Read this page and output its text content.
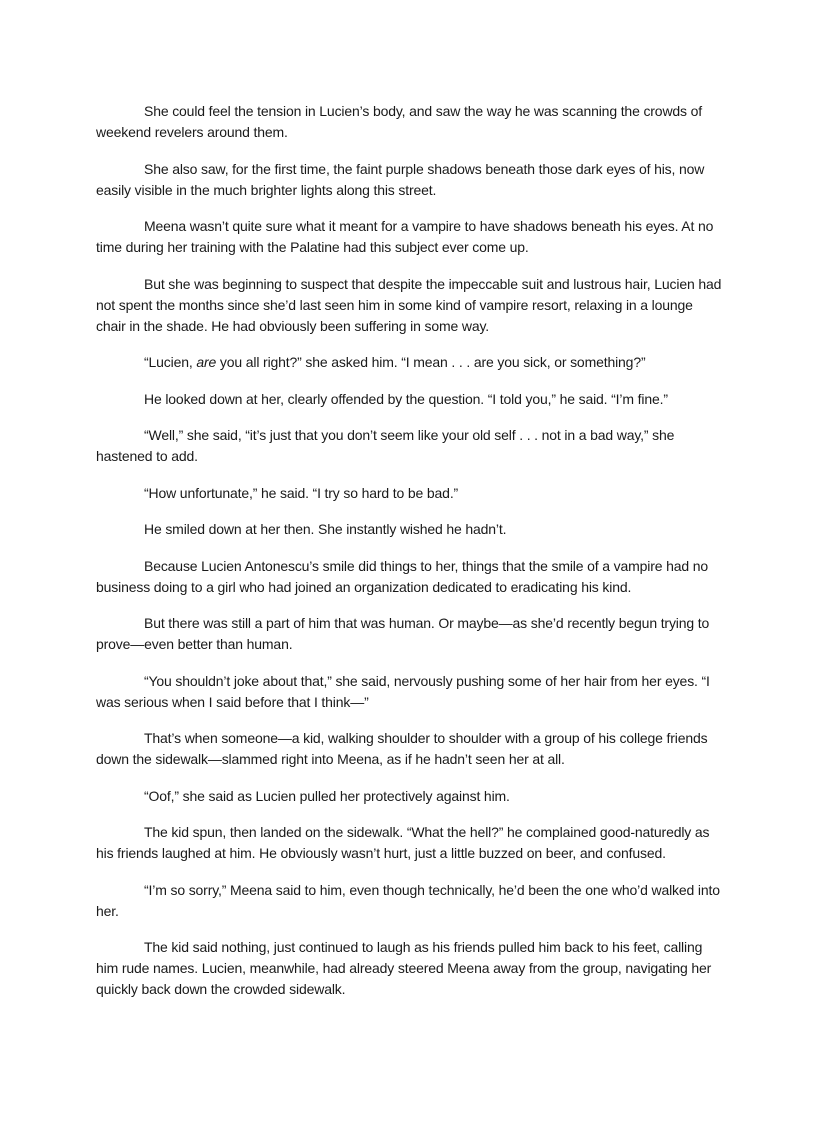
She could feel the tension in Lucien’s body, and saw the way he was scanning the crowds of weekend revelers around them.

She also saw, for the first time, the faint purple shadows beneath those dark eyes of his, now easily visible in the much brighter lights along this street.

Meena wasn’t quite sure what it meant for a vampire to have shadows beneath his eyes. At no time during her training with the Palatine had this subject ever come up.

But she was beginning to suspect that despite the impeccable suit and lustrous hair, Lucien had not spent the months since she’d last seen him in some kind of vampire resort, relaxing in a lounge chair in the shade. He had obviously been suffering in some way.

“Lucien, are you all right?” she asked him. “I mean . . . are you sick, or something?”

He looked down at her, clearly offended by the question. “I told you,” he said. “I’m fine.”

“Well,” she said, “it’s just that you don’t seem like your old self . . . not in a bad way,” she hastened to add.

“How unfortunate,” he said. “I try so hard to be bad.”

He smiled down at her then. She instantly wished he hadn’t.

Because Lucien Antonescu’s smile did things to her, things that the smile of a vampire had no business doing to a girl who had joined an organization dedicated to eradicating his kind.

But there was still a part of him that was human. Or maybe—as she’d recently begun trying to prove—even better than human.

“You shouldn’t joke about that,” she said, nervously pushing some of her hair from her eyes. “I was serious when I said before that I think—”

That’s when someone—a kid, walking shoulder to shoulder with a group of his college friends down the sidewalk—slammed right into Meena, as if he hadn’t seen her at all.

“Oof,” she said as Lucien pulled her protectively against him.

The kid spun, then landed on the sidewalk. “What the hell?” he complained good-naturedly as his friends laughed at him. He obviously wasn’t hurt, just a little buzzed on beer, and confused.

“I’m so sorry,” Meena said to him, even though technically, he’d been the one who’d walked into her.

The kid said nothing, just continued to laugh as his friends pulled him back to his feet, calling him rude names. Lucien, meanwhile, had already steered Meena away from the group, navigating her quickly back down the crowded sidewalk.
